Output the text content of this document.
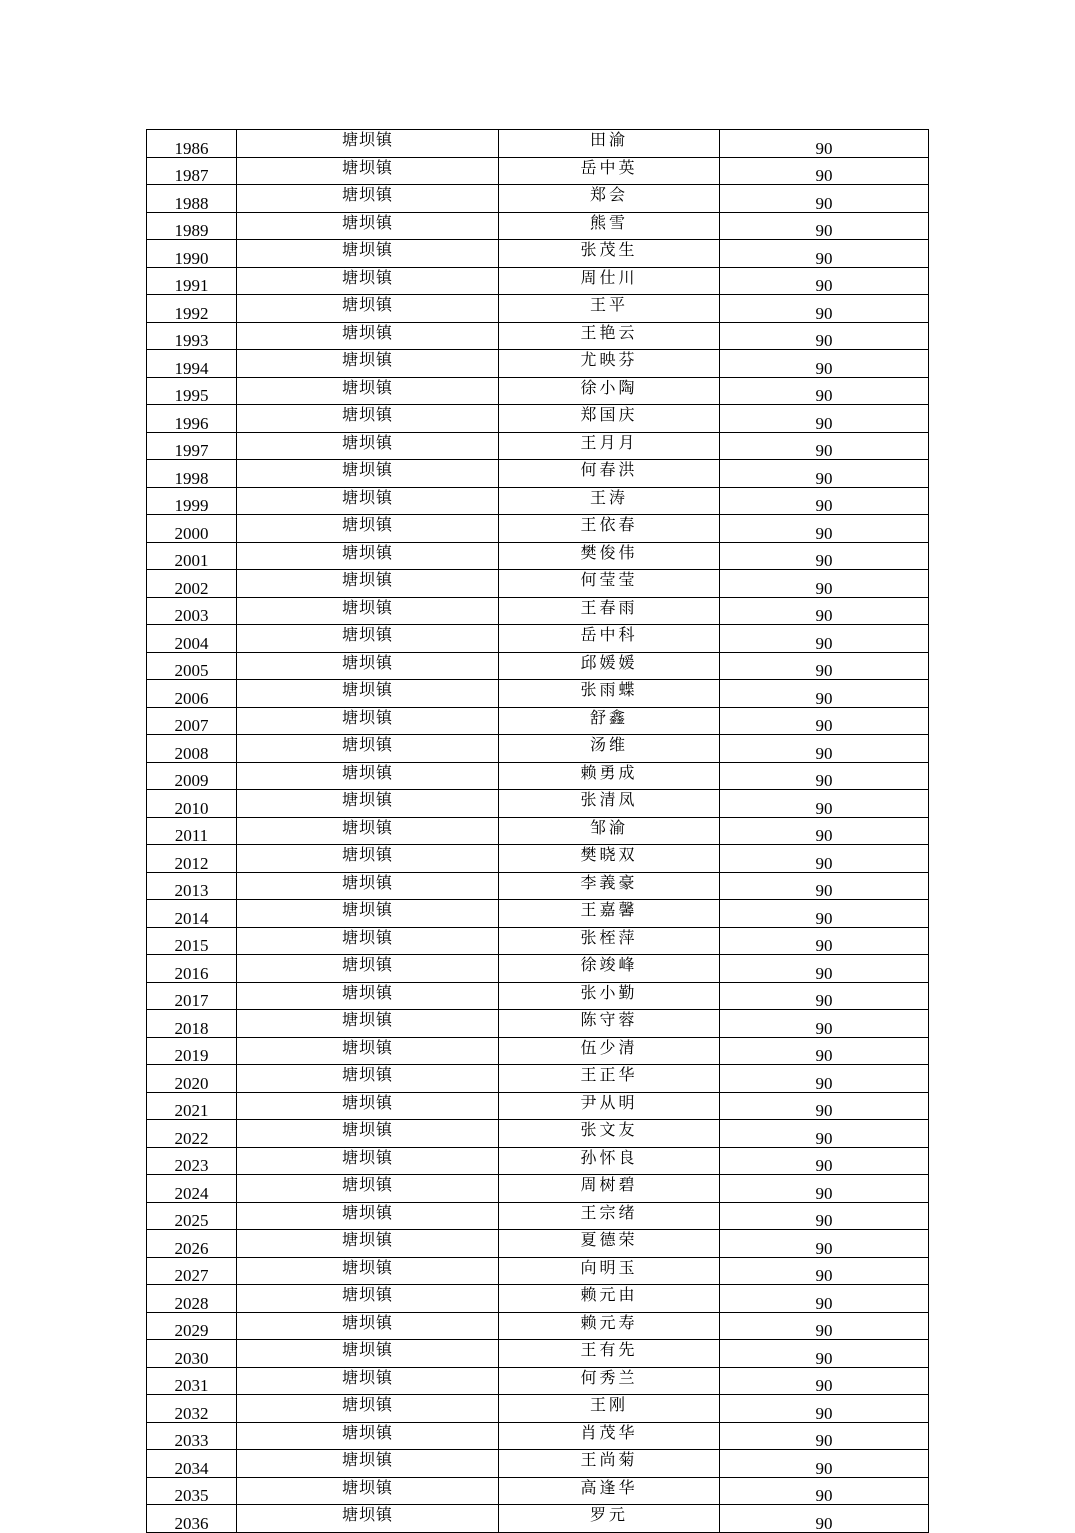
1986	塘坝镇	田渝	90
1987	塘坝镇	岳中英	90
1988	塘坝镇	郑会	90
1989	塘坝镇	熊雪	90
1990	塘坝镇	张茂生	90
1991	塘坝镇	周仕川	90
1992	塘坝镇	王平	90
1993	塘坝镇	王艳云	90
1994	塘坝镇	尤映芬	90
1995	塘坝镇	徐小陶	90
1996	塘坝镇	郑国庆	90
1997	塘坝镇	王月月	90
1998	塘坝镇	何春洪	90
1999	塘坝镇	王涛	90
2000	塘坝镇	王依春	90
2001	塘坝镇	樊俊伟	90
2002	塘坝镇	何莹莹	90
2003	塘坝镇	王春雨	90
2004	塘坝镇	岳中科	90
2005	塘坝镇	邱媛媛	90
2006	塘坝镇	张雨蝶	90
2007	塘坝镇	舒鑫	90
2008	塘坝镇	汤维	90
2009	塘坝镇	赖勇成	90
2010	塘坝镇	张清凤	90
2011	塘坝镇	邹渝	90
2012	塘坝镇	樊晓双	90
2013	塘坝镇	李義豪	90
2014	塘坝镇	王嘉馨	90
2015	塘坝镇	张桎萍	90
2016	塘坝镇	徐竣峰	90
2017	塘坝镇	张小勤	90
2018	塘坝镇	陈守蓉	90
2019	塘坝镇	伍少清	90
2020	塘坝镇	王正华	90
2021	塘坝镇	尹从明	90
2022	塘坝镇	张文友	90
2023	塘坝镇	孙怀良	90
2024	塘坝镇	周树碧	90
2025	塘坝镇	王宗绪	90
2026	塘坝镇	夏德荣	90
2027	塘坝镇	向明玉	90
2028	塘坝镇	赖元由	90
2029	塘坝镇	赖元寿	90
2030	塘坝镇	王有先	90
2031	塘坝镇	何秀兰	90
2032	塘坝镇	王刚	90
2033	塘坝镇	肖茂华	90
2034	塘坝镇	王尚菊	90
2035	塘坝镇	高逢华	90
2036	塘坝镇	罗元	90
